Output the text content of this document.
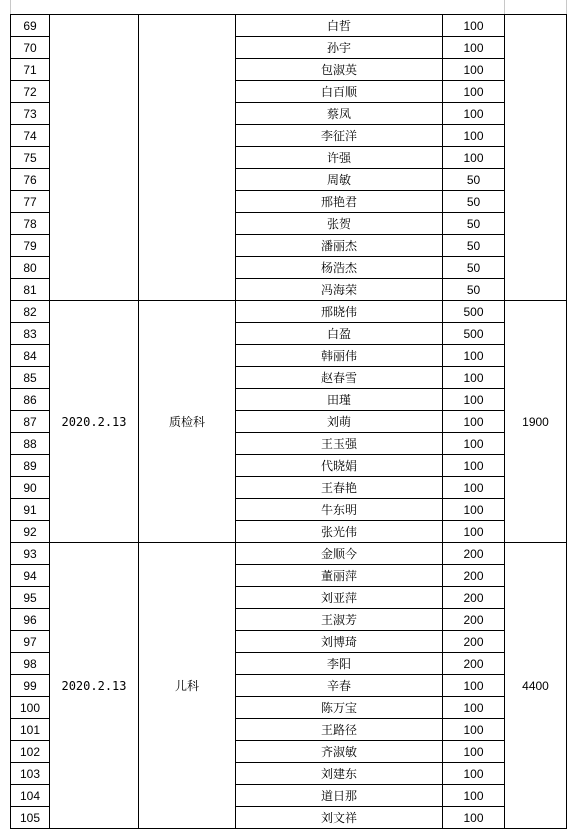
69			白哲	100	
70			孙宇	100	
71			包淑英	100	
72			白百顺	100	
73			蔡凤	100	
74			李征洋	100	
75			许强	100	
76			周敏	50	
77			邢艳君	50	
78			张贺	50	
79			潘丽杰	50	
80			杨浩杰	50	
81			冯海荣	50	
82	2020.2.13	质检科	邢晓伟	500	1900
83			白盈	500	
84			韩丽伟	100	
85			赵春雪	100	
86			田瑾	100	
87			刘萌	100	
88			王玉强	100	
89			代晓娟	100	
90			王春艳	100	
91			牛东明	100	
92			张光伟	100	
93	2020.2.13	儿科	金顺今	200	4400
94			董丽萍	200	
95			刘亚萍	200	
96			王淑芳	200	
97			刘博琦	200	
98			李阳	200	
99			辛春	100	
100			陈万宝	100	
101			王路径	100	
102			齐淑敏	100	
103			刘建东	100	
104			道日那	100	
105			刘文祥	100	
